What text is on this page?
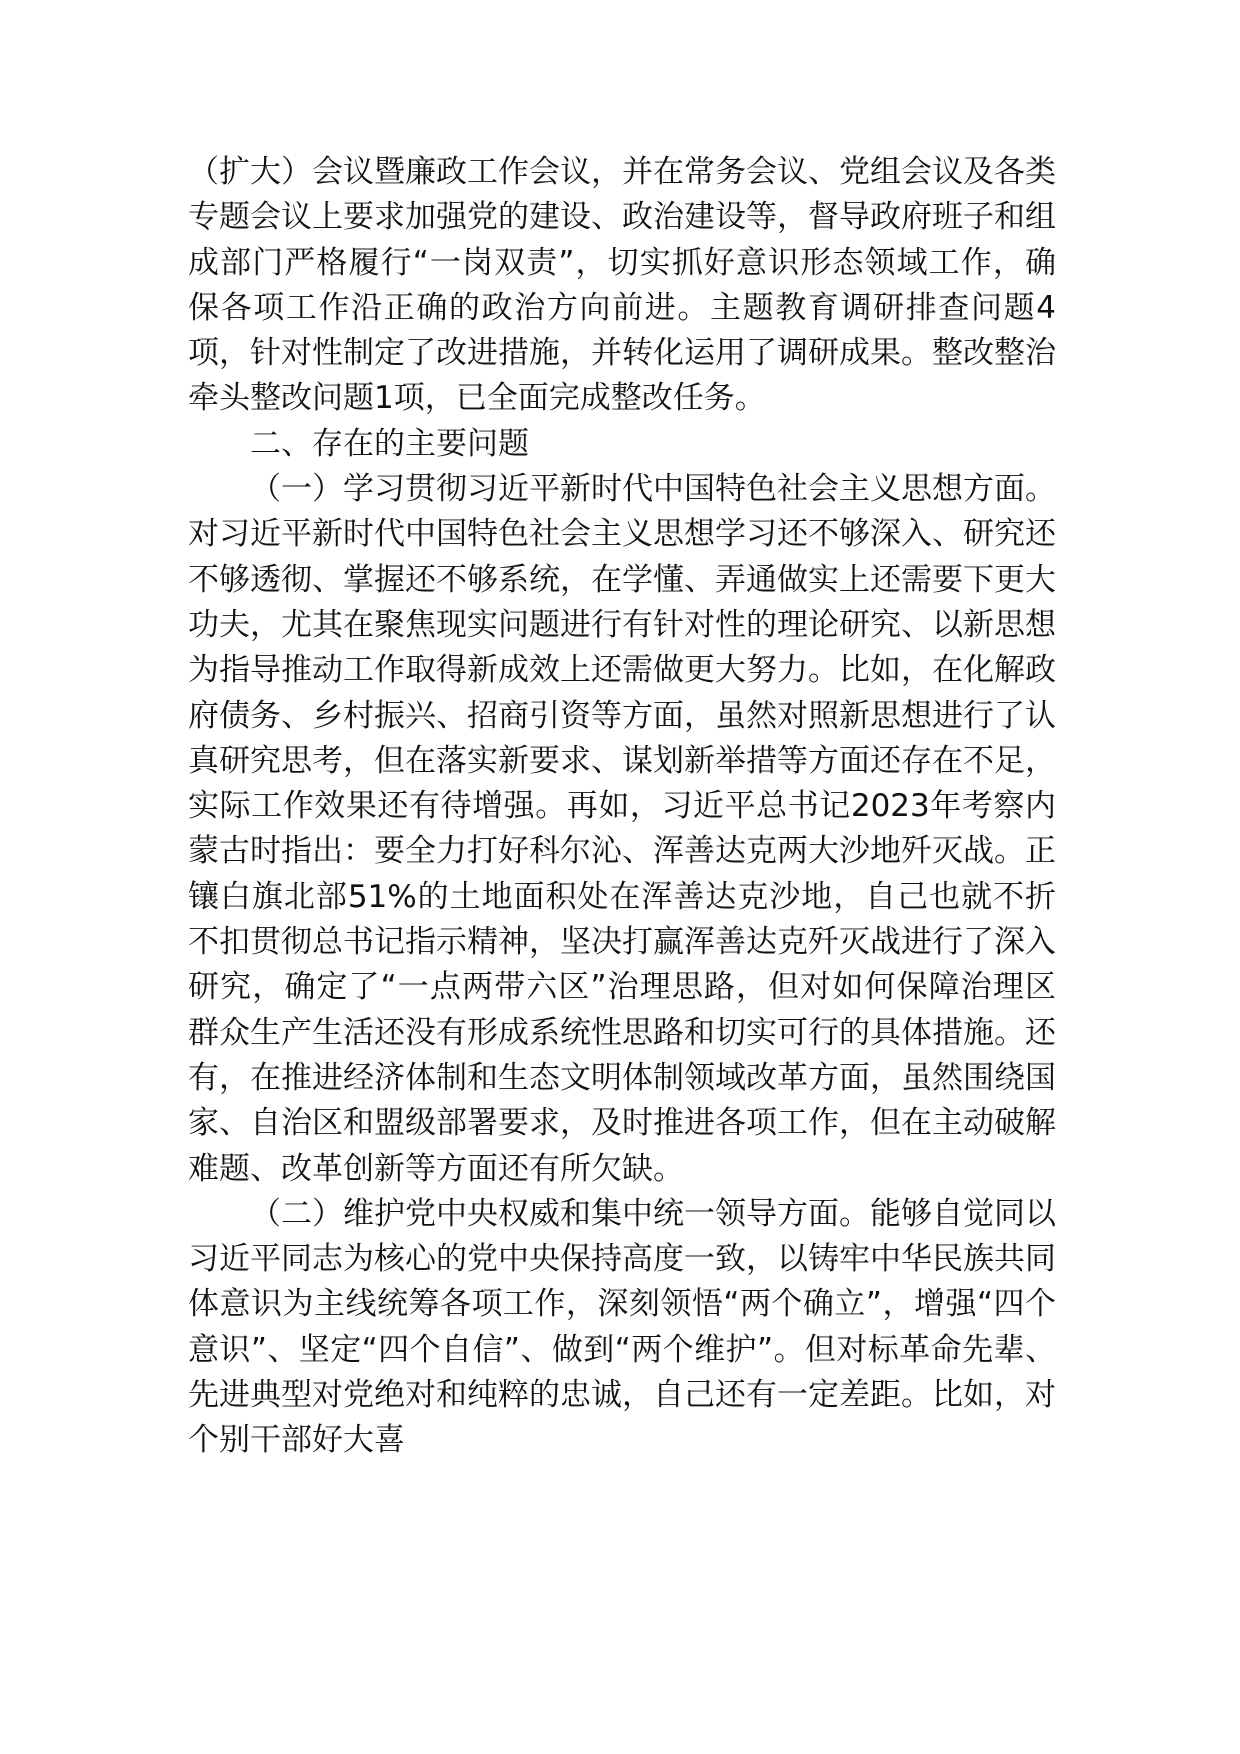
（扩大）会议暨廉政工作会议，并在常务会议、党组会议及各类专题会议上要求加强党的建设、政治建设等，督导政府班子和组成部门严格履行“一岗双责”，切实抓好意识形态领域工作，确保各项工作沿正确的政治方向前进。主题教育调研排查问题4项，针对性制定了改进措施，并转化运用了调研成果。整改整治牵头整改问题1项，已全面完成整改任务。

二、存在的主要问题

（一）学习贯彻习近平新时代中国特色社会主义思想方面。对习近平新时代中国特色社会主义思想学习还不够深入、研究还不够透彻、掌握还不够系统，在学懂、弄通做实上还需要下更大功夫，尤其在聚焦现实问题进行有针对性的理论研究、以新思想为指导推动工作取得新成效上还需做更大努力。比如，在化解政府债务、乡村振兴、招商引资等方面，虽然对照新思想进行了认真研究思考，但在落实新要求、谋划新举措等方面还存在不足，实际工作效果还有待增强。再如，习近平总书记2023年考察内蒙古时指出：要全力打好科尔沁、浑善达克两大沙地歼灭战。正镶白旗北部51%的土地面积处在浑善达克沙地，自己也就不折不扣贯彻总书记指示精神，坚决打赢浑善达克歼灭战进行了深入研究，确定了“一点两带六区”治理思路，但对如何保障治理区群众生产生活还没有形成系统性思路和切实可行的具体措施。还有，在推进经济体制和生态文明体制领域改革方面，虽然围绕国家、自治区和盟级部署要求，及时推进各项工作，但在主动破解难题、改革创新等方面还有所欠缺。

（二）维护党中央权威和集中统一领导方面。能够自觉同以习近平同志为核心的党中央保持高度一致，以铸牢中华民族共同体意识为主线统筹各项工作，深刻领悟“两个确立”，增强“四个意识”、坚定“四个自信”、做到“两个维护”。但对标革命先辈、先进典型对党绝对和纯粹的忠诚，自己还有一定差距。比如，对个别干部好大喜
